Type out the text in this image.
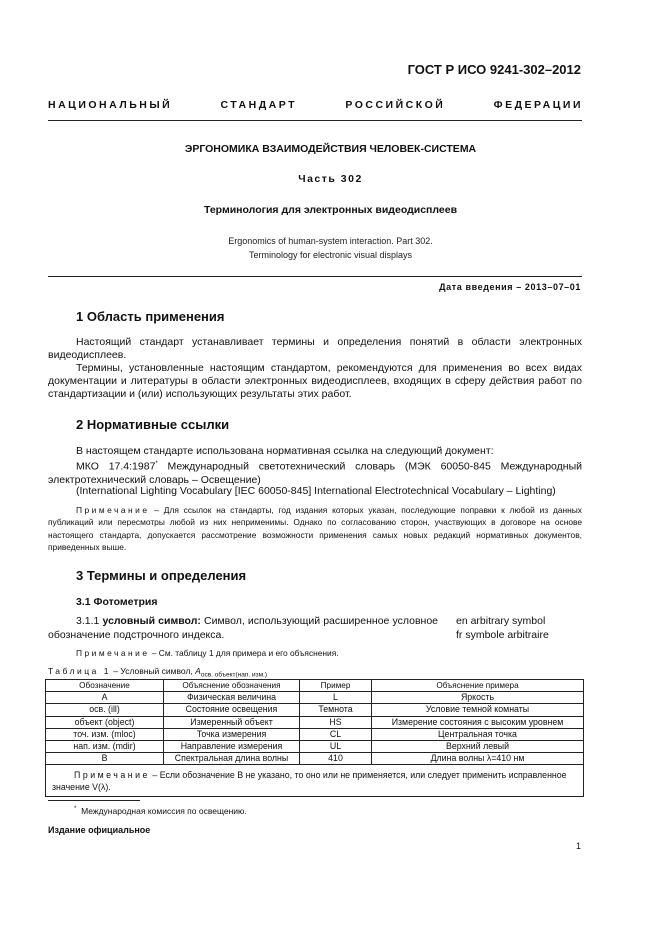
ГОСТ Р ИСО 9241-302–2012
НАЦИОНАЛЬНЫЙ	СТАНДАРТ	РОССИЙСКОЙ	ФЕДЕРАЦИИ
ЭРГОНОМИКА ВЗАИМОДЕЙСТВИЯ ЧЕЛОВЕК-СИСТЕМА
Часть 302
Терминология для электронных видеодисплеев
Ergonomics of human-system interaction. Part 302.
Terminology for electronic visual displays
Дата введения – 2013–07–01
1 Область применения
Настоящий стандарт устанавливает термины и определения понятий в области электронных видеодисплеев.
Термины, установленные настоящим стандартом, рекомендуются для применения во всех видах документации и литературы в области электронных видеодисплеев, входящих в сферу действия работ по стандартизации и (или) использующих результаты этих работ.
2 Нормативные ссылки
В настоящем стандарте использована нормативная ссылка на следующий документ:
МКО 17.4:1987* Международный светотехнический словарь (МЭК 60050-845 Международный электротехнический словарь – Освещение)
(International Lighting Vocabulary [IEC 60050-845] International Electrotechnical Vocabulary – Lighting)
Примечание – Для ссылок на стандарты, год издания которых указан, последующие поправки к любой из данных публикаций или пересмотры любой из них неприменимы. Однако по согласованию сторон, участвующих в договоре на основе настоящего стандарта, допускается рассмотрение возможности применения самых новых редакций нормативных документов, приведенных выше.
3 Термины и определения
3.1 Фотометрия
3.1.1 условный символ: Символ, использующий расширенное условное обозначение подстрочного индекса.
en arbitrary symbol
fr symbole arbitraire
Примечание – См. таблицу 1 для примера и его объяснения.
Таблица 1 – Условный символ, $A_{осв. объект(нап. изм.)}$
Обозначение	Объяснение обозначения	Пример	Объяснение примера
A	Физическая величина	L	Яркость
осв. (ill)	Состояние освещения	Темнота	Условие темной комнаты
объект (object)	Измеренный объект	HS	Измерение состояния с высоким уровнем
точ. изм. (mloc)	Точка измерения	CL	Центральная точка
нап. изм. (mdir)	Направление измерения	UL	Верхний левый
B	Спектральная длина волны	410	Длина волны λ=410 нм
Примечание – Если обозначение B не указано, то оно или не применяется, или следует применить исправленное значение V(λ).			
* Международная комиссия по освещению.
Издание официальное
1
